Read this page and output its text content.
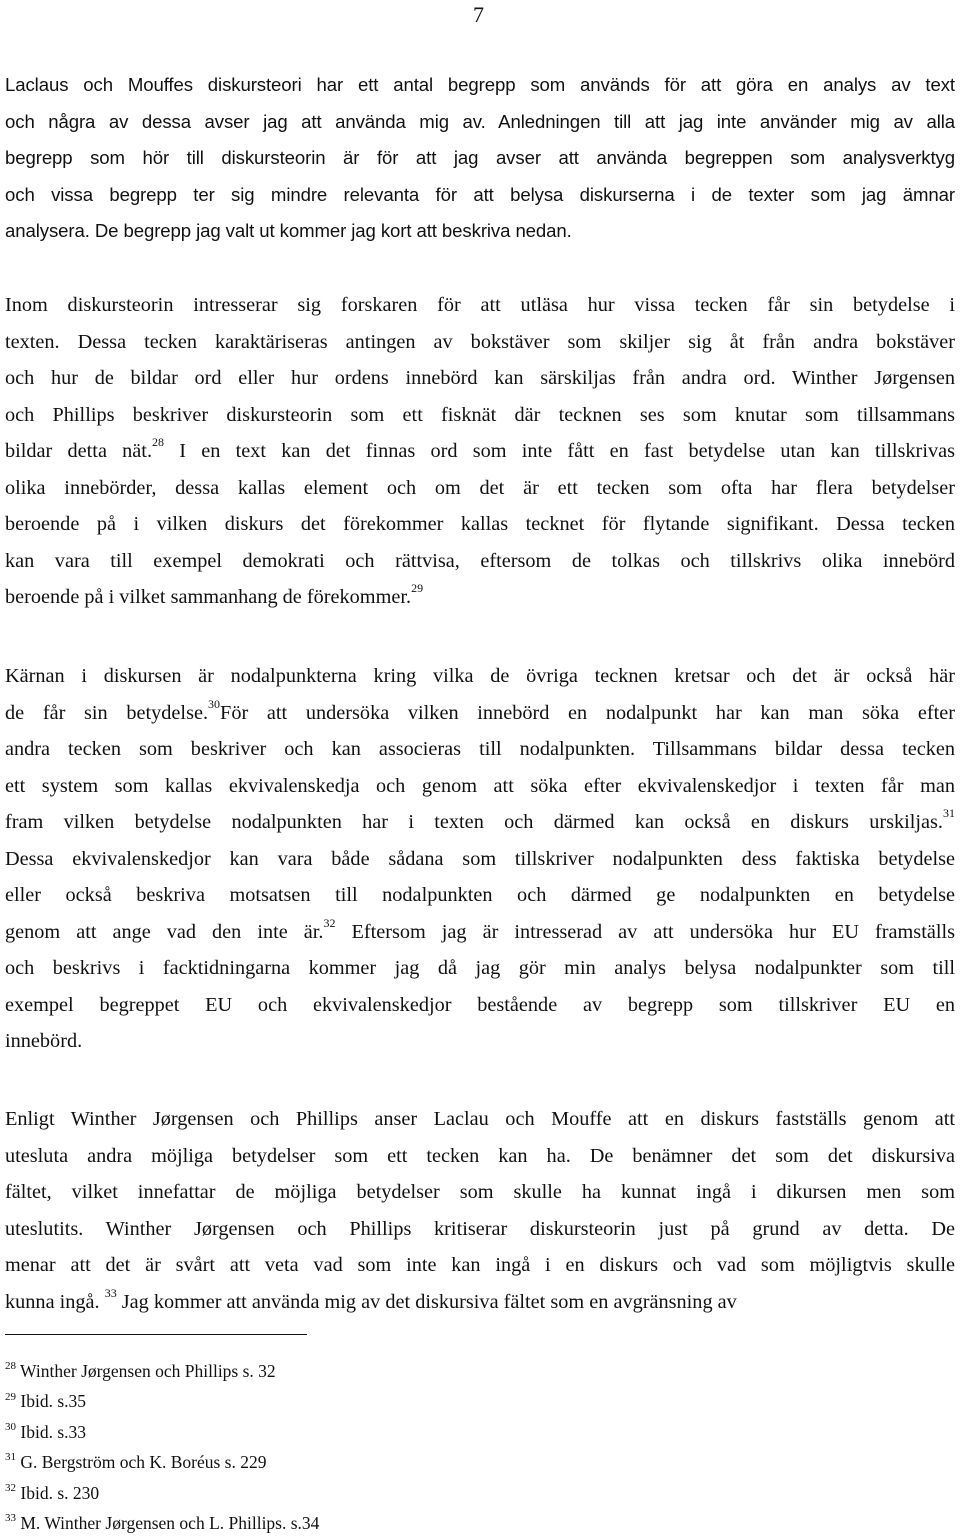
7

Laclaus och Mouffes diskursteori har ett antal begrepp som används för att göra en analys av text
och några av dessa avser jag att använda mig av. Anledningen till att jag inte använder mig av alla
begrepp som hör till diskursteorin är för att jag avser att använda begreppen som analysverktyg
och vissa begrepp ter sig mindre relevanta för att belysa diskurserna i de texter som jag ämnar
analysera. De begrepp jag valt ut kommer jag kort att beskriva nedan.

Inom diskursteorin intresserar sig forskaren för att utläsa hur vissa tecken får sin betydelse i
texten. Dessa tecken karaktäriseras antingen av bokstäver som skiljer sig åt från andra bokstäver
och hur de bildar ord eller hur ordens innebörd kan särskiljas från andra ord. Winther Jørgensen
och Phillips beskriver diskursteorin som ett fisknät där tecknen ses som knutar som tillsammans
bildar detta nät.$^{28}$ I en text kan det finnas ord som inte fått en fast betydelse utan kan tillskrivas
olika innebörder, dessa kallas element och om det är ett tecken som ofta har flera betydelser
beroende på i vilken diskurs det förekommer kallas tecknet för flytande signifikant. Dessa tecken
kan vara till exempel demokrati och rättvisa, eftersom de tolkas och tillskrivs olika innebörd
beroende på i vilket sammanhang de förekommer.$^{29}$

Kärnan i diskursen är nodalpunkterna kring vilka de övriga tecknen kretsar och det är också här
de får sin betydelse.$^{30}$För att undersöka vilken innebörd en nodalpunkt har kan man söka efter
andra tecken som beskriver och kan associeras till nodalpunkten. Tillsammans bildar dessa tecken
ett system som kallas ekvivalenskedja och genom att söka efter ekvivalenskedjor i texten får man
fram vilken betydelse nodalpunkten har i texten och därmed kan också en diskurs urskiljas.$^{31}$
Dessa ekvivalenskedjor kan vara både sådana som tillskriver nodalpunkten dess faktiska betydelse
eller också beskriva motsatsen till nodalpunkten och därmed ge nodalpunkten en betydelse
genom att ange vad den inte är.$^{32}$ Eftersom jag är intresserad av att undersöka hur EU framställs
och beskrivs i facktidningarna kommer jag då jag gör min analys belysa nodalpunkter som till
exempel begreppet EU och ekvivalenskedjor bestående av begrepp som tillskriver EU en
innebörd.

Enligt Winther Jørgensen och Phillips anser Laclau och Mouffe att en diskurs fastställs genom att
utesluta andra möjliga betydelser som ett tecken kan ha. De benämner det som det diskursiva
fältet, vilket innefattar de möjliga betydelser som skulle ha kunnat ingå i dikursen men som
uteslutits. Winther Jørgensen och Phillips kritiserar diskursteorin just på grund av detta. De
menar att det är svårt att veta vad som inte kan ingå i en diskurs och vad som möjligtvis skulle
kunna ingå. $^{33}$ Jag kommer att använda mig av det diskursiva fältet som en avgränsning av

$^{28}$ Winther Jørgensen och Phillips s. 32
$^{29}$ Ibid. s.35
$^{30}$ Ibid. s.33
$^{31}$ G. Bergström och K. Boréus s. 229
$^{32}$ Ibid. s. 230
$^{33}$ M. Winther Jørgensen och L. Phillips. s.34
